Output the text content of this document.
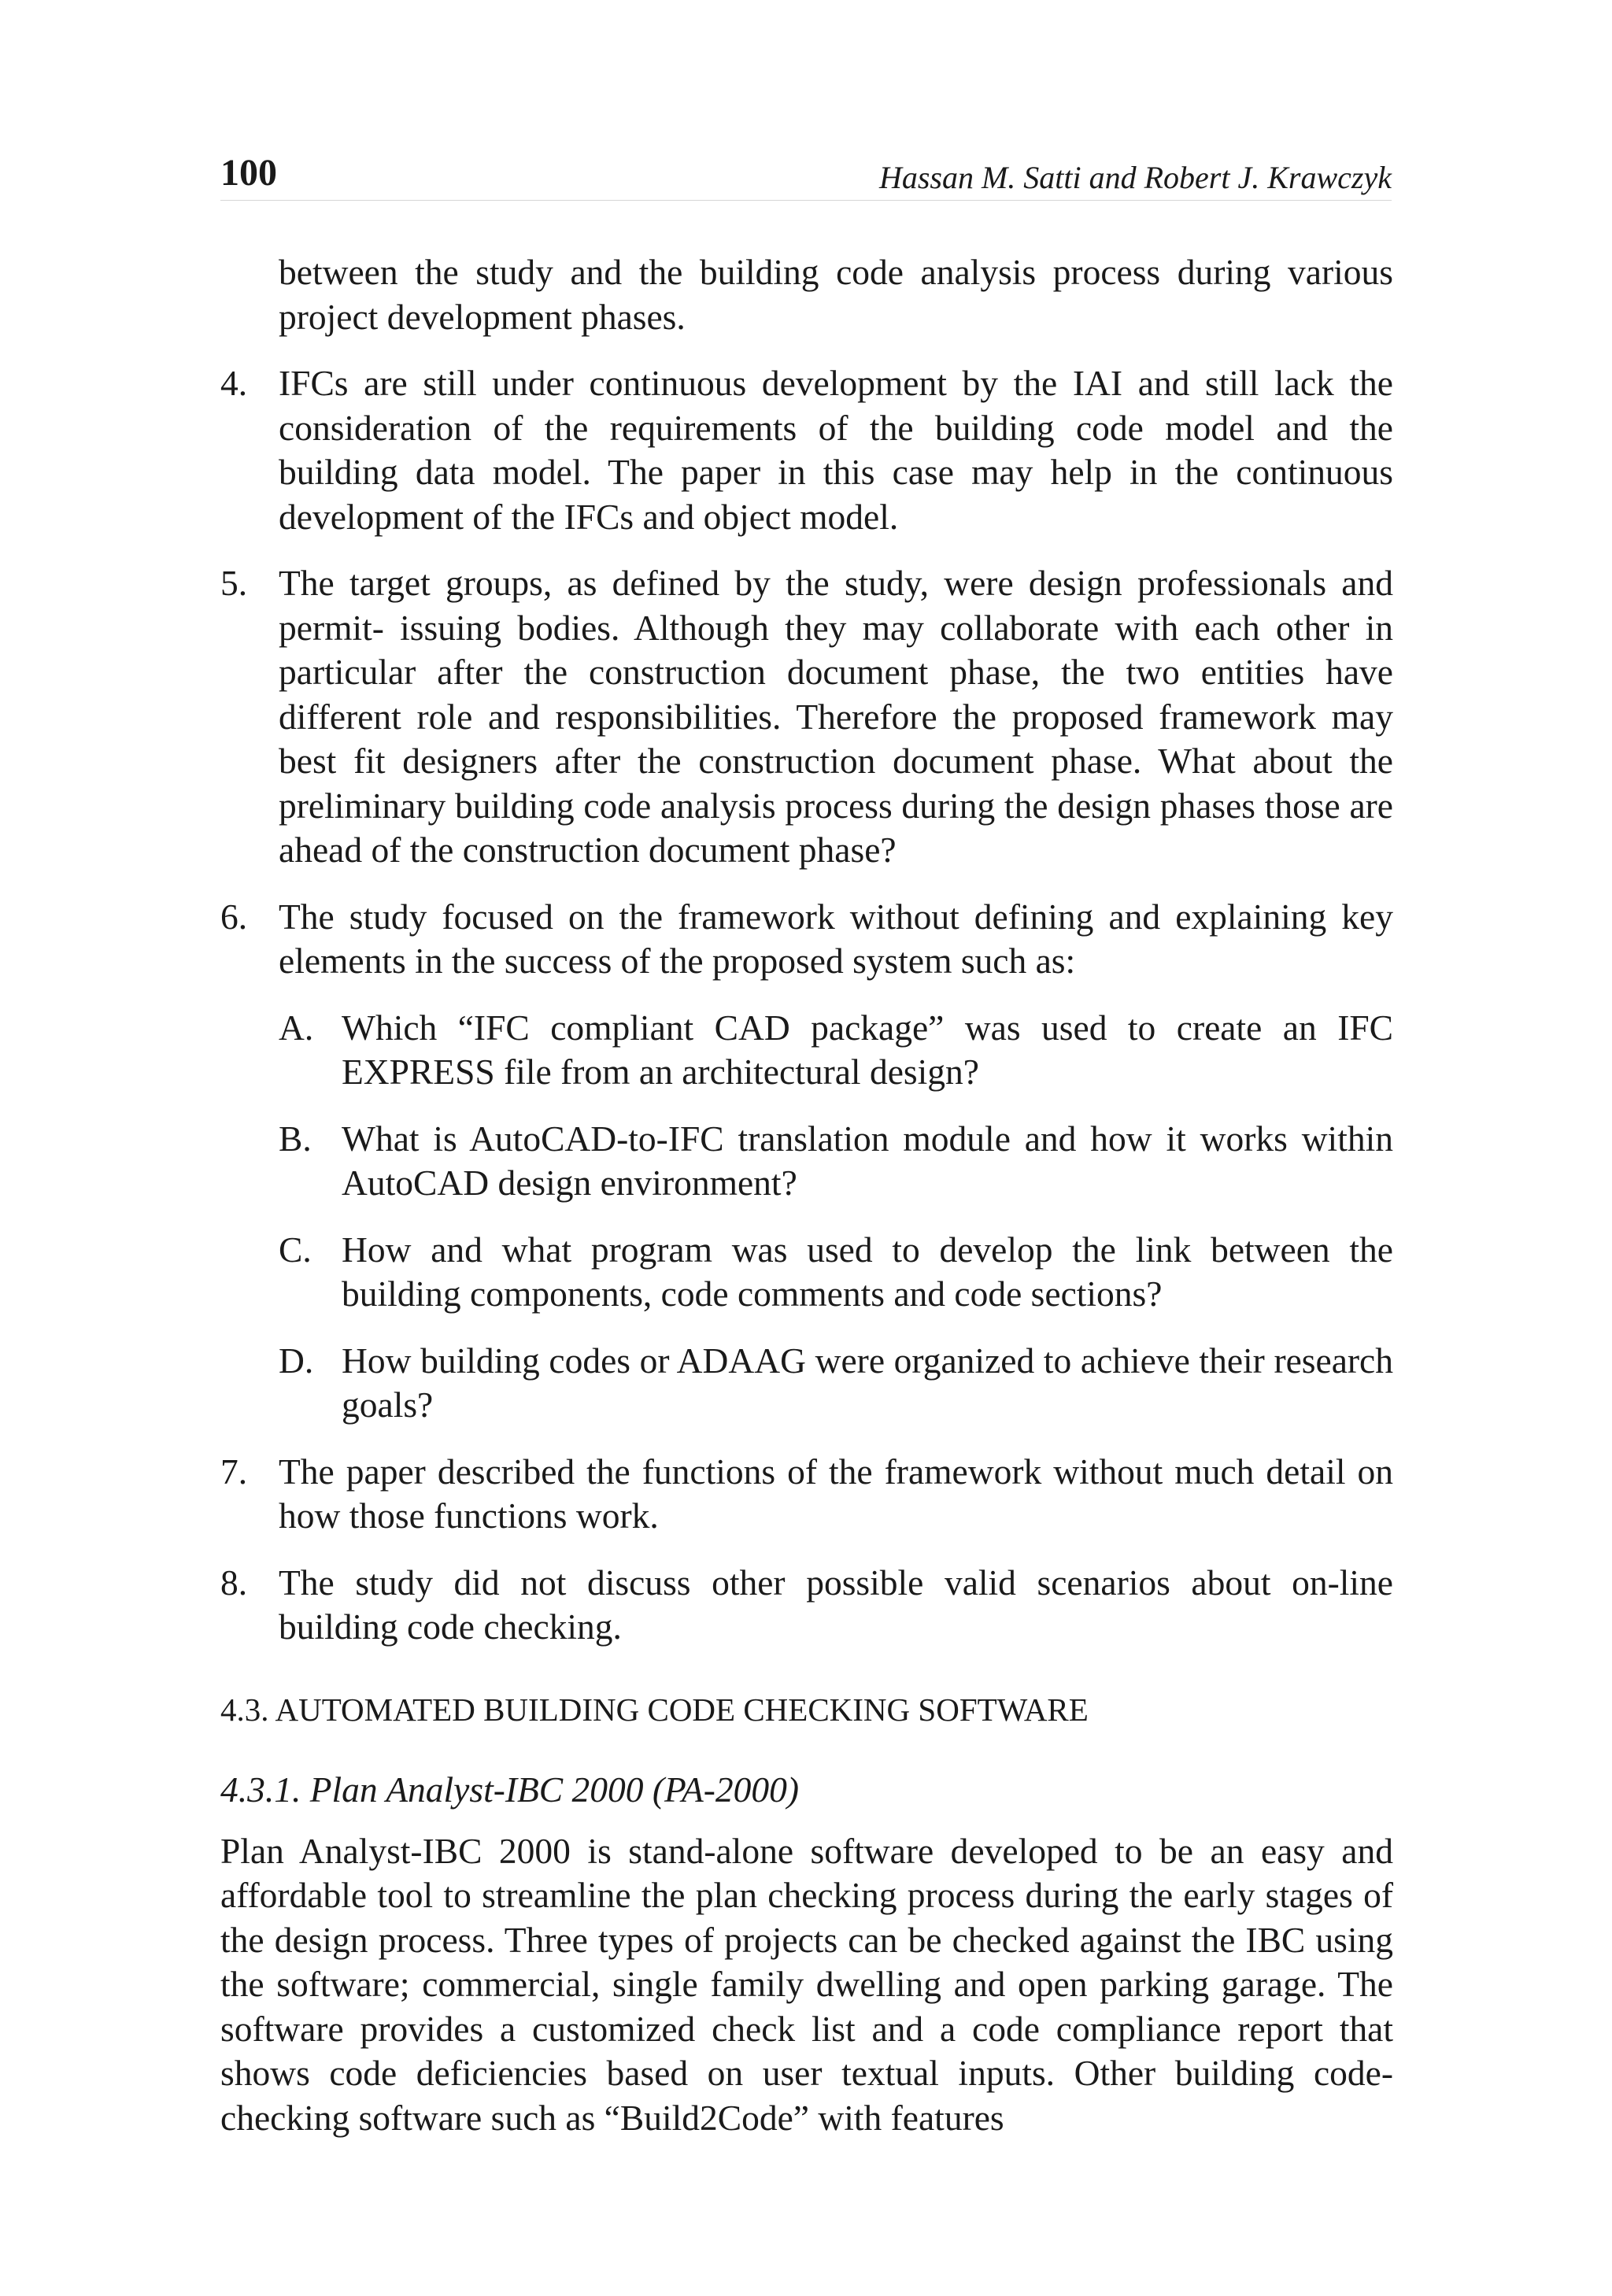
100	Hassan M. Satti and Robert J. Krawczyk

between the study and the building code analysis process during various project development phases.

4. IFCs are still under continuous development by the IAI and still lack the consideration of the requirements of the building code model and the building data model. The paper in this case may help in the continuous development of the IFCs and object model.
5. The target groups, as defined by the study, were design professionals and permit- issuing bodies. Although they may collaborate with each other in particular after the construction document phase, the two entities have different role and responsibilities. Therefore the proposed framework may best fit designers after the construction document phase. What about the preliminary building code analysis process during the design phases those are ahead of the construction document phase?
6. The study focused on the framework without defining and explaining key elements in the success of the proposed system such as:
A. Which “IFC compliant CAD package” was used to create an IFC EXPRESS file from an architectural design?
B. What is AutoCAD-to-IFC translation module and how it works within AutoCAD design environment?
C. How and what program was used to develop the link between the building components, code comments and code sections?
D. How building codes or ADAAG were organized to achieve their research goals?
7. The paper described the functions of the framework without much detail on how those functions work.
8. The study did not discuss other possible valid scenarios about on-line building code checking.
4.3. AUTOMATED BUILDING CODE CHECKING SOFTWARE
4.3.1. Plan Analyst-IBC 2000 (PA-2000)

Plan Analyst-IBC 2000 is stand-alone software developed to be an easy and affordable tool to streamline the plan checking process during the early stages of the design process. Three types of projects can be checked against the IBC using the software; commercial, single family dwelling and open parking garage. The software provides a customized check list and a code compliance report that shows code deficiencies based on user textual inputs. Other building code-checking software such as “Build2Code” with features
